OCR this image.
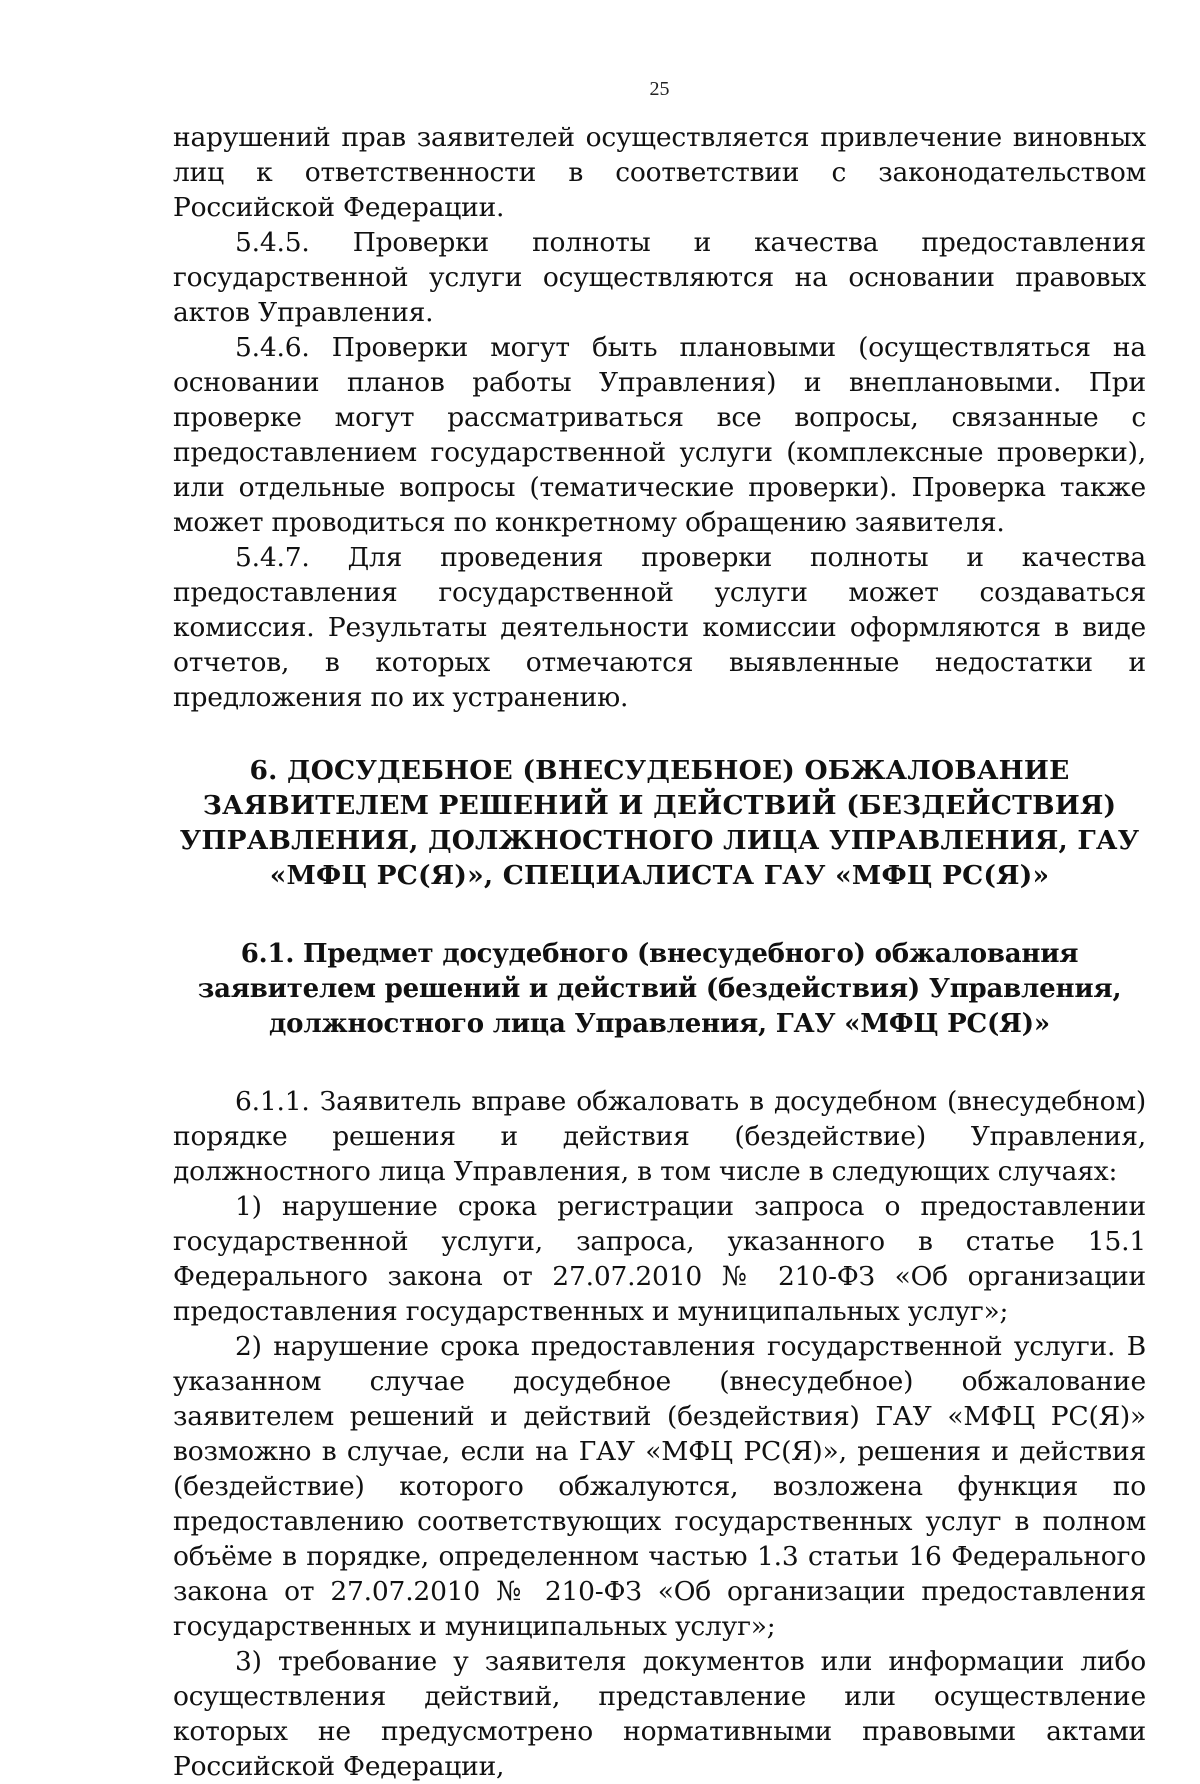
25

нарушений прав заявителей осуществляется привлечение виновных лиц к ответственности в соответствии с законодательством Российской Федерации.

5.4.5. Проверки полноты и качества предоставления государственной услуги осуществляются на основании правовых актов Управления.

5.4.6. Проверки могут быть плановыми (осуществляться на основании планов работы Управления) и внеплановыми. При проверке могут рассматриваться все вопросы, связанные с предоставлением государственной услуги (комплексные проверки), или отдельные вопросы (тематические проверки). Проверка также может проводиться по конкретному обращению заявителя.

5.4.7. Для проведения проверки полноты и качества предоставления государственной услуги может создаваться комиссия. Результаты деятельности комиссии оформляются в виде отчетов, в которых отмечаются выявленные недостатки и предложения по их устранению.

6. ДОСУДЕБНОЕ (ВНЕСУДЕБНОЕ) ОБЖАЛОВАНИЕ ЗАЯВИТЕЛЕМ РЕШЕНИЙ И ДЕЙСТВИЙ (БЕЗДЕЙСТВИЯ) УПРАВЛЕНИЯ, ДОЛЖНОСТНОГО ЛИЦА УПРАВЛЕНИЯ, ГАУ «МФЦ РС(Я)», СПЕЦИАЛИСТА ГАУ «МФЦ РС(Я)»
6.1. Предмет досудебного (внесудебного) обжалования заявителем решений и действий (бездействия) Управления, должностного лица Управления, ГАУ «МФЦ РС(Я)»

6.1.1. Заявитель вправе обжаловать в досудебном (внесудебном) порядке решения и действия (бездействие) Управления, должностного лица Управления, в том числе в следующих случаях:

1) нарушение срока регистрации запроса о предоставлении государственной услуги, запроса, указанного в статье 15.1 Федерального закона от 27.07.2010 № 210-ФЗ «Об организации предоставления государственных и муниципальных услуг»;

2) нарушение срока предоставления государственной услуги. В указанном случае досудебное (внесудебное) обжалование заявителем решений и действий (бездействия) ГАУ «МФЦ РС(Я)» возможно в случае, если на ГАУ «МФЦ РС(Я)», решения и действия (бездействие) которого обжалуются, возложена функция по предоставлению соответствующих государственных услуг в полном объёме в порядке, определенном частью 1.3 статьи 16 Федерального закона от 27.07.2010 № 210-ФЗ «Об организации предоставления государственных и муниципальных услуг»;

3) требование у заявителя документов или информации либо осуществления действий, представление или осуществление которых не предусмотрено нормативными правовыми актами Российской Федерации,
